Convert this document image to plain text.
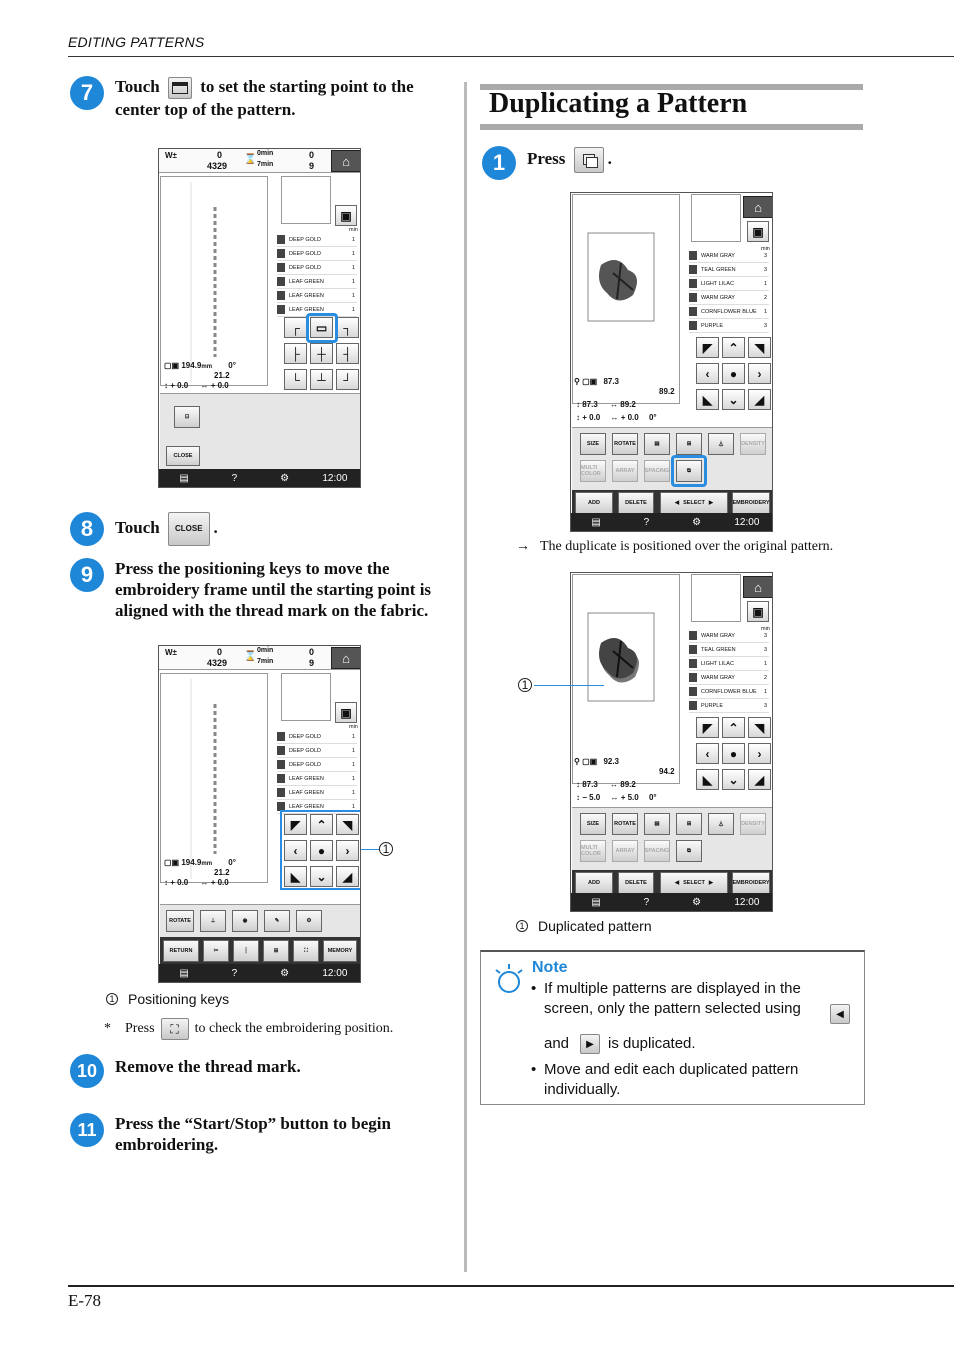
EDITING PATTERNS
7	Touch to set the starting point to the center top of the pattern.
W±	0
4329
⌛
0min
7min
0
9	⌂
▣
min
DEEP GOLD	1
DEEP GOLD	1
DEEP GOLD	1
LEAF GREEN	1
LEAF GREEN	1
LEAF GREEN	1
┌	▭	┐
├	┼	┤
└	┴	┘
▢▣ 194.9mm 0°
21.2
↕ + 0.0 ↔ + 0.0
⊡
CLOSE
▤	?	⚙	12:00
8	Touch CLOSE .
9	Press the positioning keys to move the embroidery frame until the starting point is aligned with the thread mark on the fabric.
W±	0
4329
⌛
0min
7min
0
9	⌂
▣
min
DEEP GOLD	1
DEEP GOLD	1
DEEP GOLD	1
LEAF GREEN	1
LEAF GREEN	1
LEAF GREEN	1
◤	⌃	◥
‹	●	›
◣	⌄	◢
▢▣ 194.9mm 0°
21.2
↕ + 0.0 ↔ + 0.0
ROTATE	⊥	◉	✎	⚙
RETURN	✂	┆	⊞	⛶	MEMORY
▤	?	⚙	12:00
1
1 Positioning keys
* Press	⛶	to check the embroidering position.
10	Remove the thread mark.
11	Press the “Start/Stop” button to begin embroidering.
Duplicating a Pattern
1	Press .
⌂
▣
min
WARM GRAY	3
TEAL GREEN	3
LIGHT LILAC	1
WARM GRAY	2
CORNFLOWER BLUE 1
PURPLE	3
◤	⌃	◥
‹	●	›
◣	⌄	◢
⚲ ▢▣ 87.3
89.2
↕ 87.3 ↔ 89.2
↕ + 0.0 ↔ + 0.0 0°
SIZE	ROTATE	▤	⊞	⏃	DENSITY
MULTI COLOR	ARRAY	SPACING	⧉
ADD	DELETE	◀ SELECT ▶	EMBROIDERY
▤	?	⚙	12:00
→ The duplicate is positioned over the original pattern.
⌂
▣
min
WARM GRAY	3
TEAL GREEN	3
LIGHT LILAC	1
WARM GRAY	2
CORNFLOWER BLUE 1
PURPLE	3
◤	⌃	◥
‹	●	›
◣	⌄	◢
⚲ ▢▣ 92.3
94.2
↕ 87.3 ↔ 89.2
↕ − 5.0 ↔ + 5.0 0°
SIZE	ROTATE	▤	⊞	⏃	DENSITY
MULTI COLOR	ARRAY	SPACING	⧉
ADD	DELETE	◀ SELECT ▶	EMBROIDERY
▤	?	⚙	12:00
1
1 Duplicated pattern
Note
• If multiple patterns are displayed in the screen, only the pattern selected using	◀
and	▶ is duplicated.
• Move and edit each duplicated pattern individually.
E-78
